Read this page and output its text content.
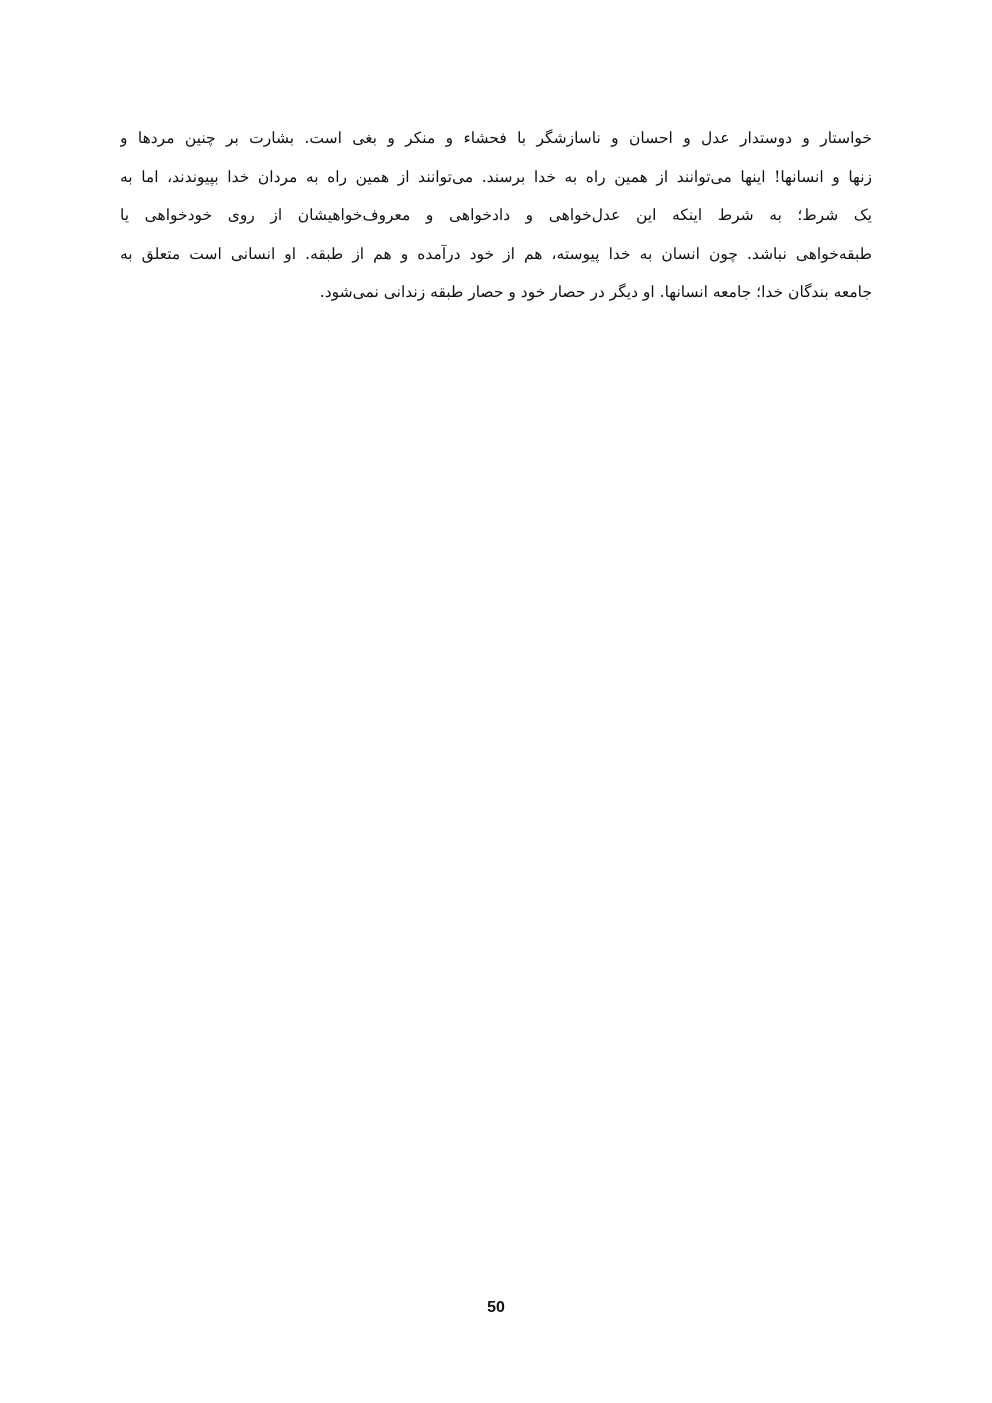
خواستار و دوستدار عدل و احسان و ناسازشگر با فحشاء و منکر و بغی است. بشارت بر چنین مردها و
زنها و انسانها! اینها می‌توانند از همین راه به خدا برسند. می‌توانند از همین راه به مردان خدا بپیوندند، اما به
یک شرط؛ به شرط اینکه این عدل‌خواهی و دادخواهی و معروف‌خواهیشان از روی خودخواهی یا
طبقه‌خواهی نباشد. چون انسان به خدا پیوسته، هم از خود درآمده و هم از طبقه. او انسانی است متعلق به
جامعه بندگان خدا؛ جامعه انسانها. او دیگر در حصار خود و حصار طبقه زندانی نمی‌شود.
50
